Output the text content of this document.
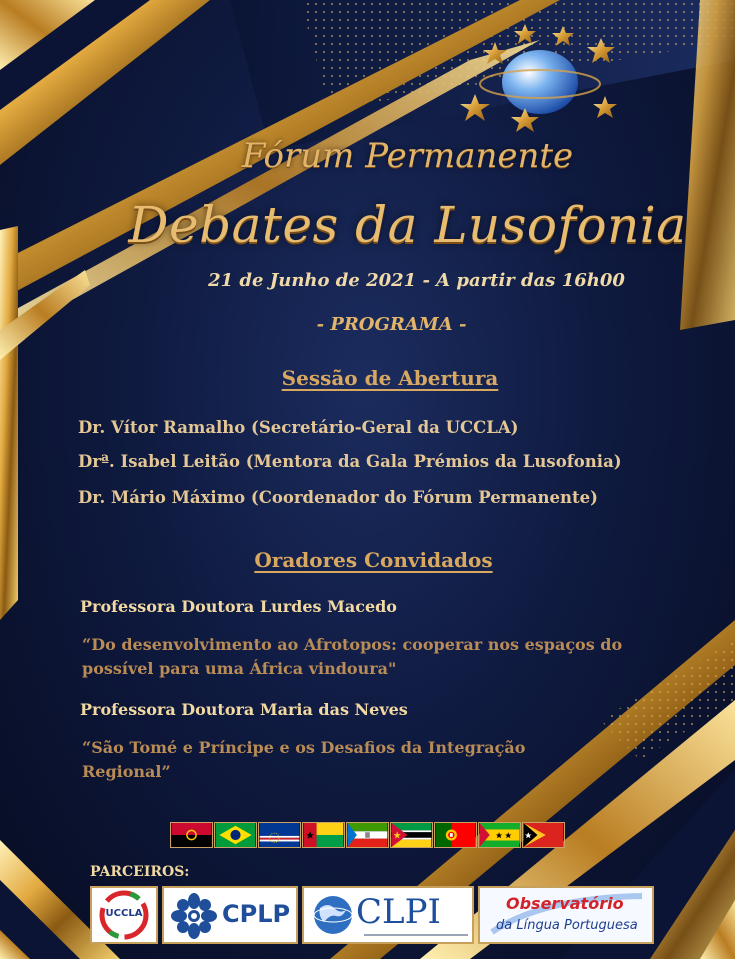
Fórum Permanente
Debates da Lusofonia
21 de Junho de 2021 - A partir das 16h00
- PROGRAMA -
Sessão de Abertura
Dr. Vítor Ramalho (Secretário-Geral da UCCLA)
Drª. Isabel Leitão (Mentora da Gala Prémios da Lusofonia)
Dr. Mário Máximo (Coordenador do Fórum Permanente)
Oradores Convidados
Professora Doutora Lurdes Macedo
“Do desenvolvimento ao Afrotopos: cooperar nos espaços do
possível para uma África vindoura"
Professora Doutora Maria das Neves
“São Tomé e Príncipe e os Desafios da Integração
Regional”
PARCEIROS:
UCCLA	CPLP CLPI	Observatório
da Língua Portuguesa
